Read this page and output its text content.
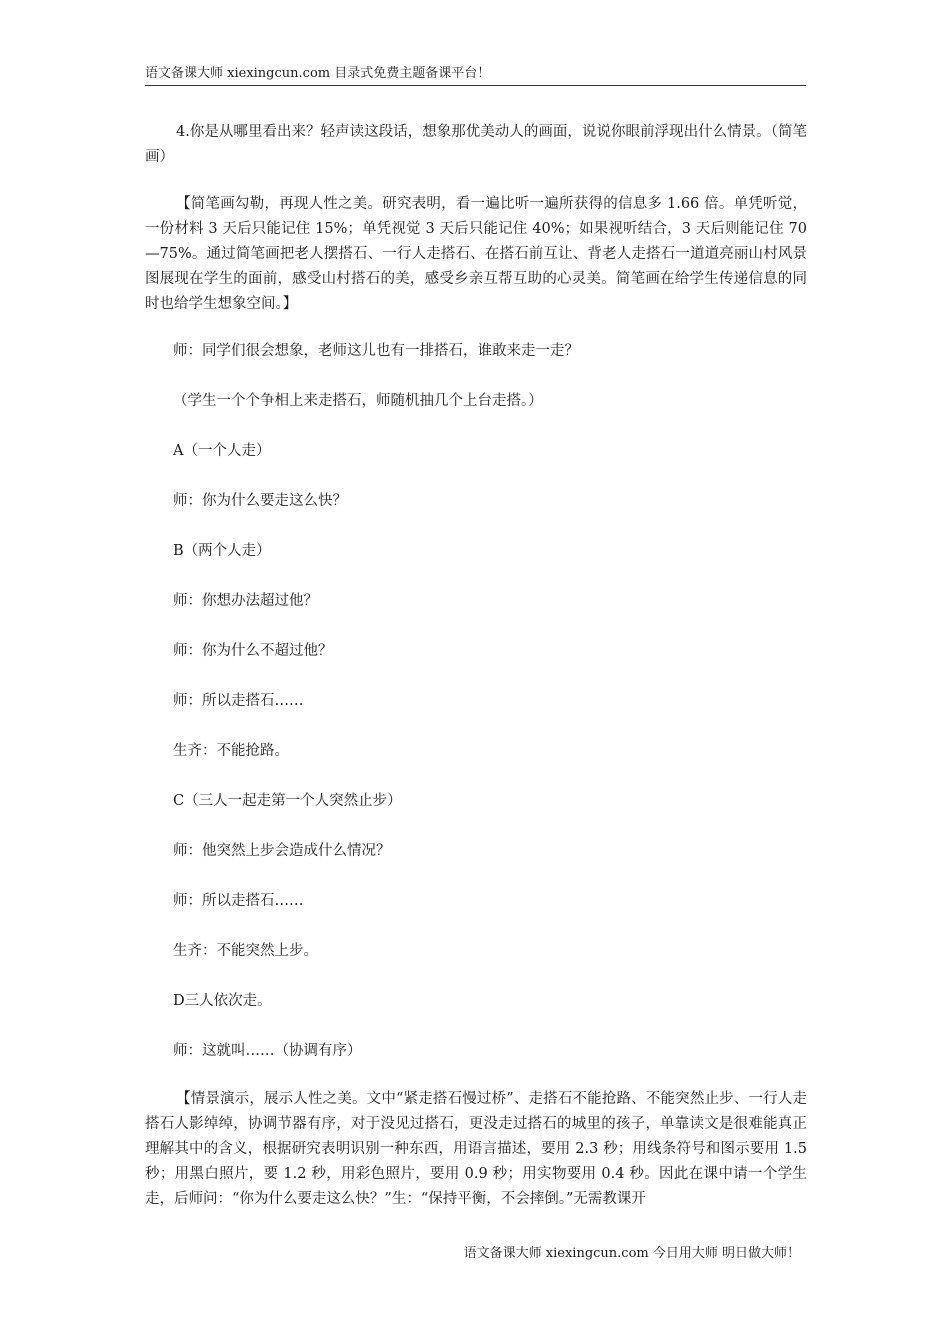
语文备课大师 xiexingcun.com 目录式免费主题备课平台！

4.你是从哪里看出来？轻声读这段话，想象那优美动人的画面，说说你眼前浮现出什么情景。（简笔画）

【简笔画勾勒，再现人性之美。研究表明，看一遍比听一遍所获得的信息多 1.66 倍。单凭听觉，一份材料 3 天后只能记住 15%；单凭视觉 3 天后只能记住 40%；如果视听结合，3 天后则能记住 70—75%。通过简笔画把老人摆搭石、一行人走搭石、在搭石前互让、背老人走搭石一道道亮丽山村风景图展现在学生的面前，感受山村搭石的美，感受乡亲互帮互助的心灵美。简笔画在给学生传递信息的同时也给学生想象空间。】

师：同学们很会想象，老师这儿也有一排搭石，谁敢来走一走？

（学生一个个争相上来走搭石，师随机抽几个上台走搭。）

A（一个人走）

师：你为什么要走这么快？

B（两个人走）

师：你想办法超过他？

师：你为什么不超过他？

师：所以走搭石……

生齐：不能抢路。

C（三人一起走第一个人突然止步）

师：他突然上步会造成什么情况？

师：所以走搭石……

生齐：不能突然上步。

D三人依次走。

师：这就叫……（协调有序）

【情景演示，展示人性之美。文中“紧走搭石慢过桥”、走搭石不能抢路、不能突然止步、一行人走搭石人影绰绰，协调节器有序，对于没见过搭石，更没走过搭石的城里的孩子，单靠读文是很难能真正理解其中的含义，根据研究表明识别一种东西，用语言描述，要用 2.3 秒；用线条符号和图示要用 1.5 秒；用黑白照片，要 1.2 秒，用彩色照片，要用 0.9 秒；用实物要用 0.4 秒。因此在课中请一个学生走，后师问：“你为什么要走这么快？”生：“保持平衡，不会摔倒。”无需教课开

语文备课大师 xiexingcun.com 今日用大师 明日做大师！
